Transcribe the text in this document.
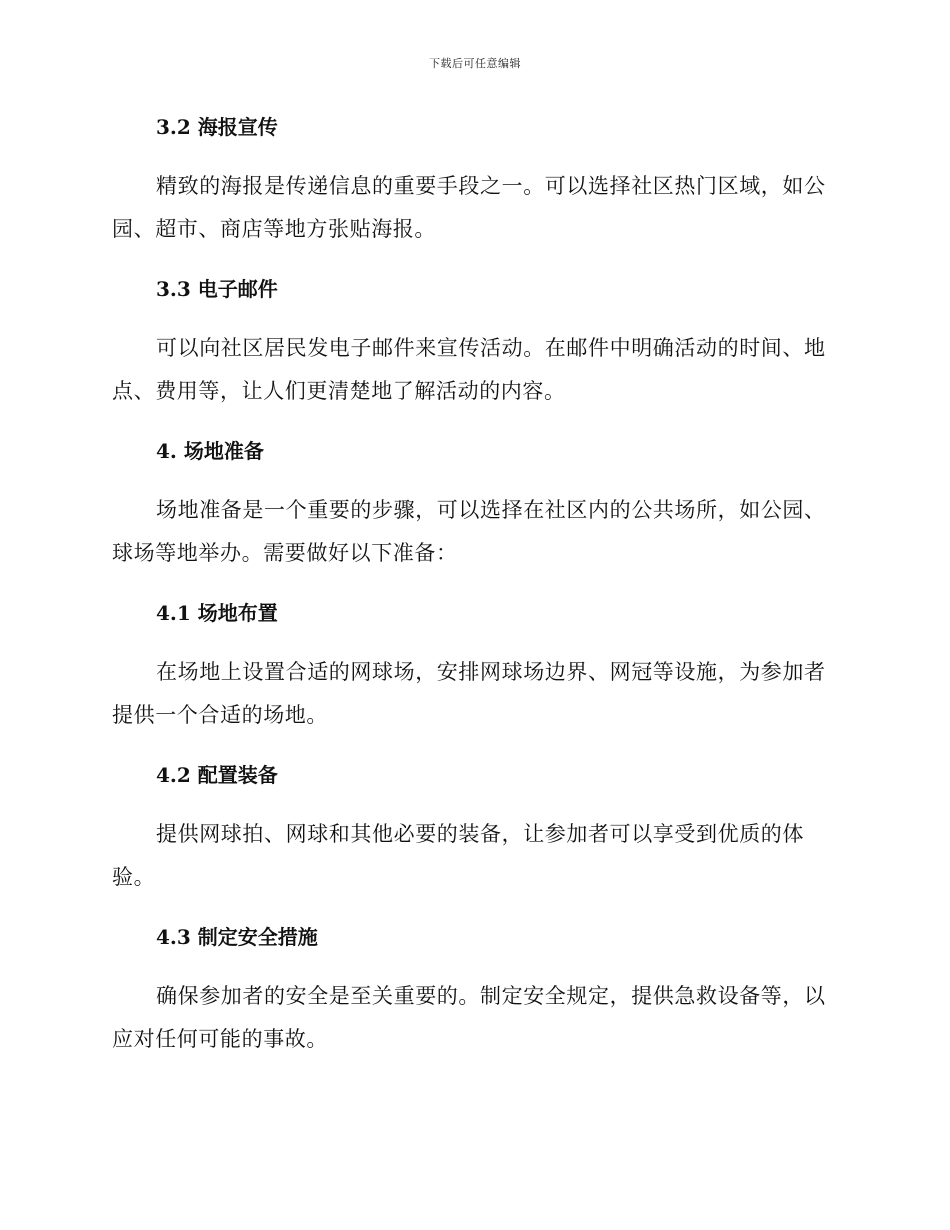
下载后可任意编辑
3.2 海报宣传

精致的海报是传递信息的重要手段之一。可以选择社区热门区域，如公园、超市、商店等地方张贴海报。

3.3 电子邮件

可以向社区居民发电子邮件来宣传活动。在邮件中明确活动的时间、地点、费用等，让人们更清楚地了解活动的内容。

4. 场地准备

场地准备是一个重要的步骤，可以选择在社区内的公共场所，如公园、球场等地举办。需要做好以下准备：

4.1 场地布置

在场地上设置合适的网球场，安排网球场边界、网冠等设施，为参加者提供一个合适的场地。

4.2 配置装备

提供网球拍、网球和其他必要的装备，让参加者可以享受到优质的体验。

4.3 制定安全措施

确保参加者的安全是至关重要的。制定安全规定，提供急救设备等，以应对任何可能的事故。
